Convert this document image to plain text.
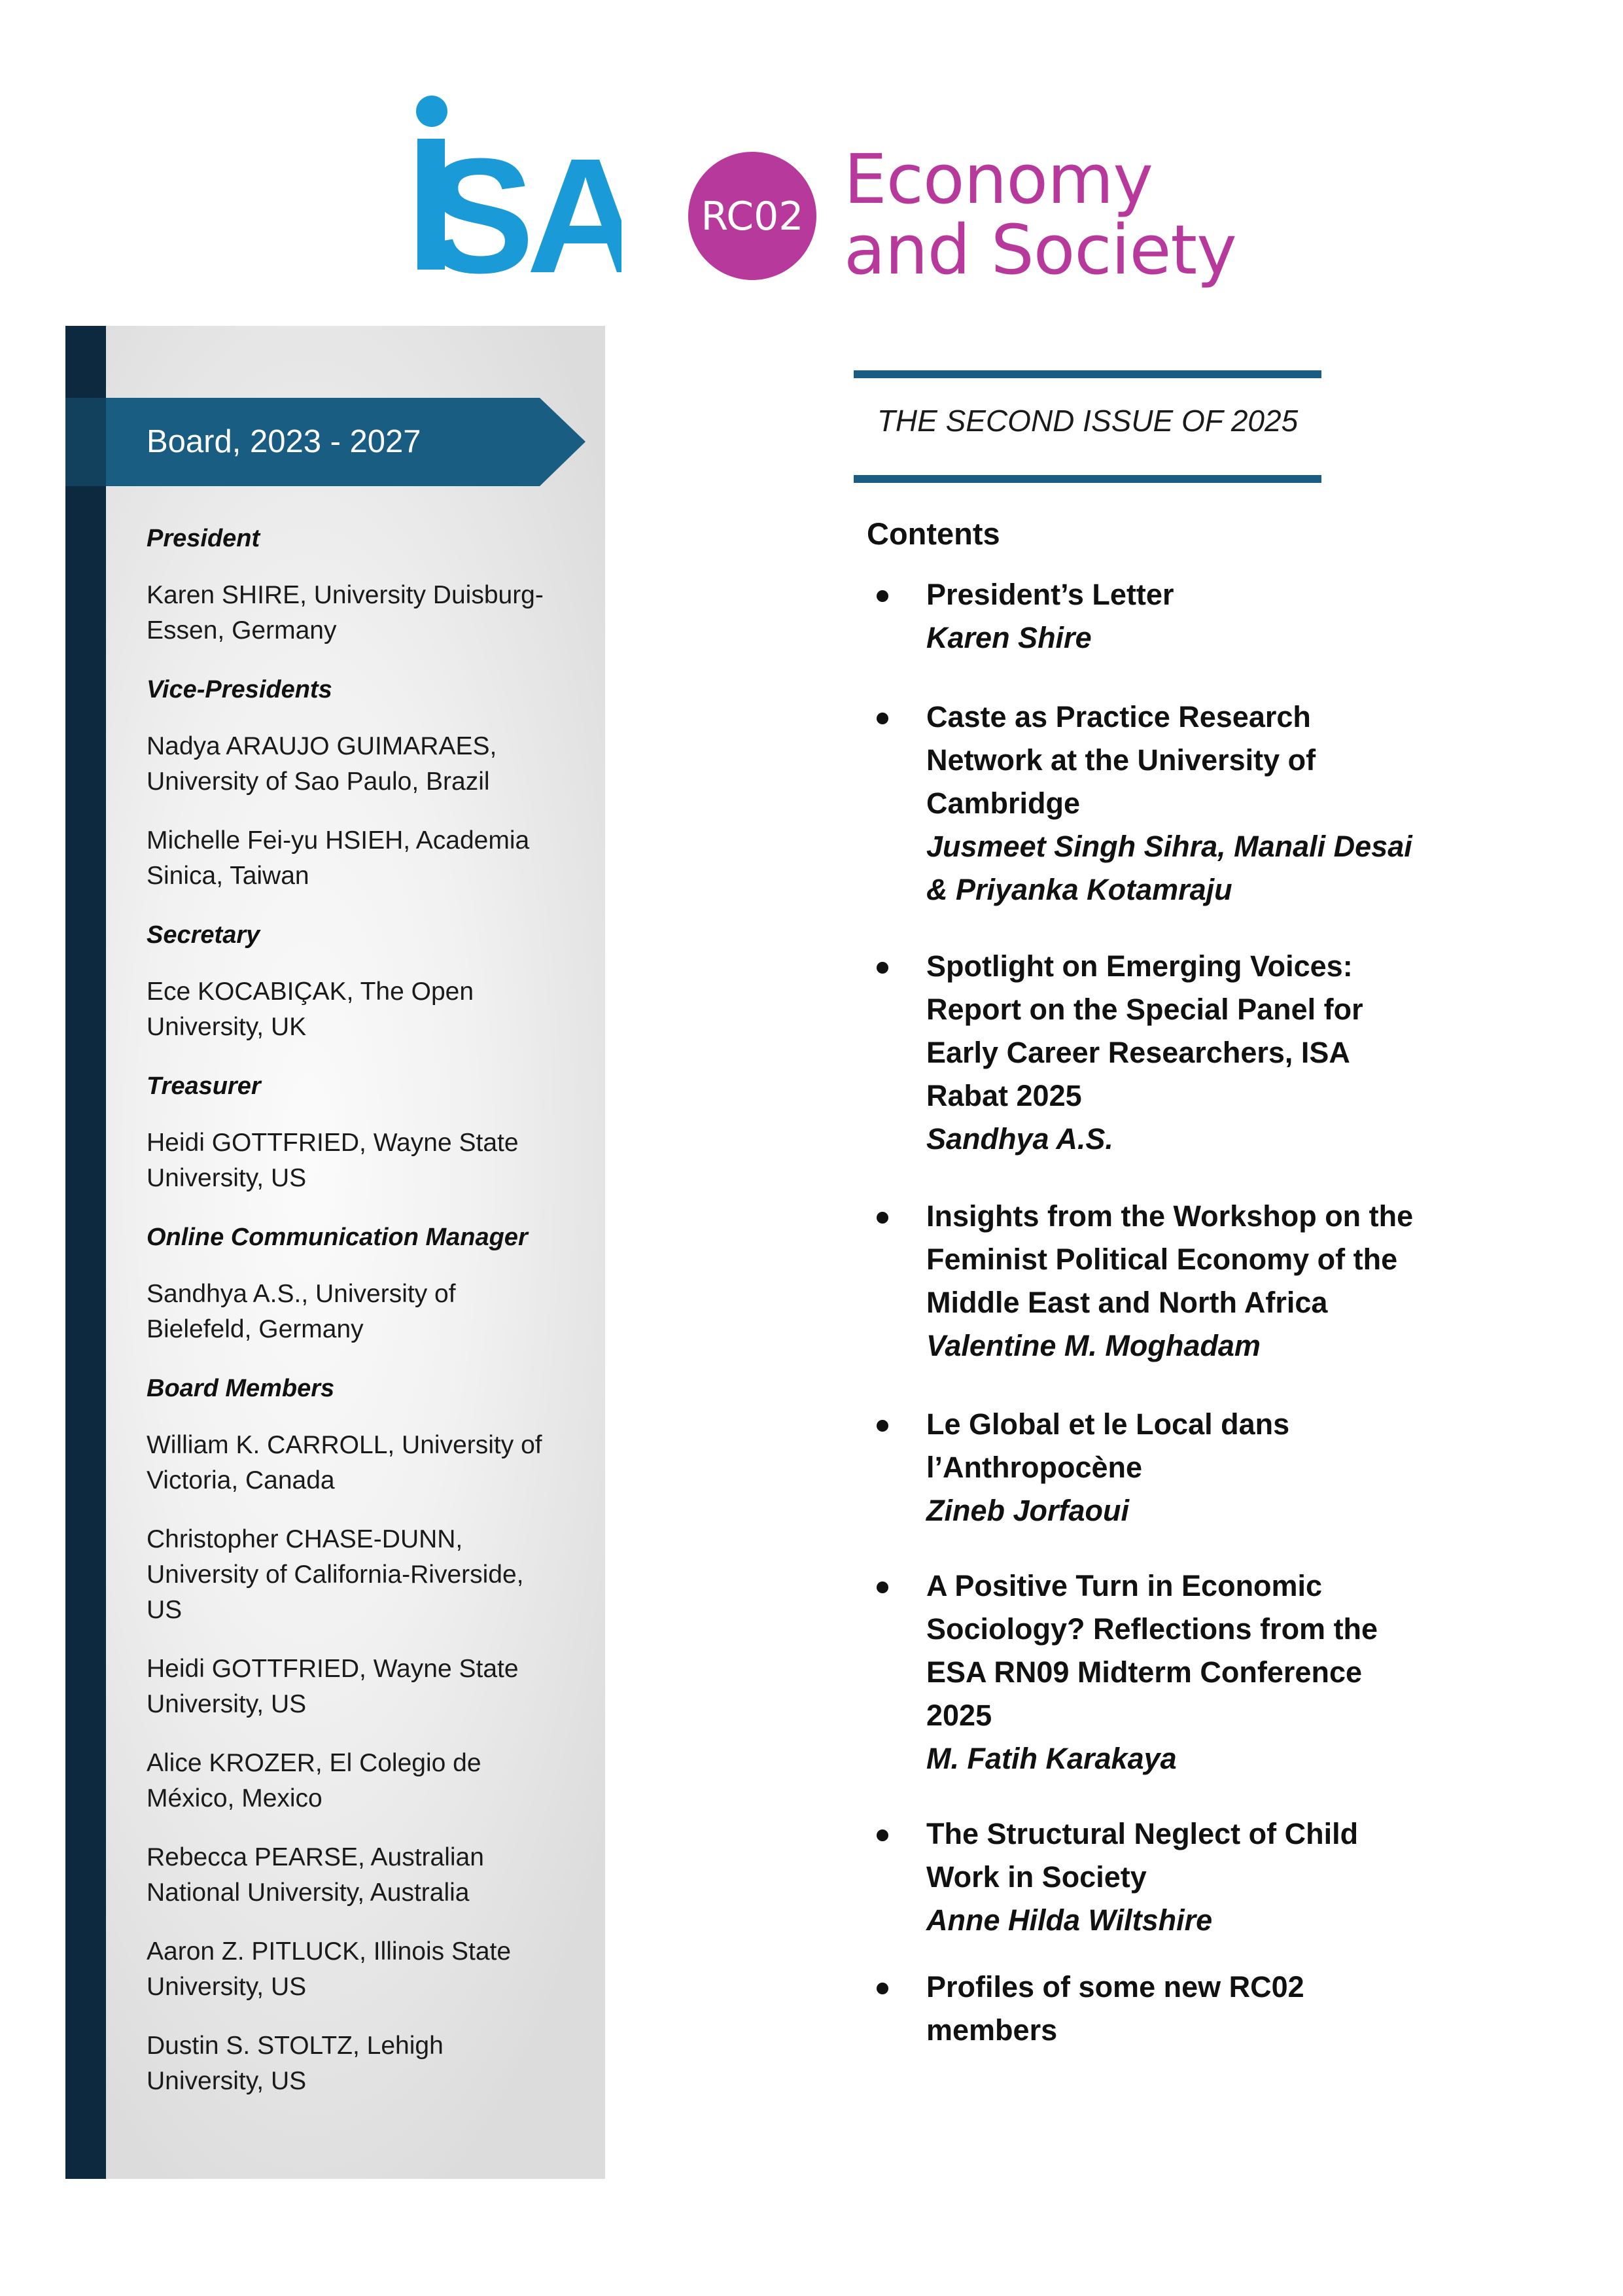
SA
iSA
RC02 Economy
and Society
Board, 2023 - 2027
President
Karen SHIRE, University Duisburg-Essen, Germany
Vice-Presidents
Nadya ARAUJO GUIMARAES, University of Sao Paulo, Brazil
Michelle Fei-yu HSIEH, Academia Sinica, Taiwan
Secretary
Ece KOCABIÇAK, The Open University, UK
Treasurer
Heidi GOTTFRIED, Wayne State University, US
Online Communication Manager
Sandhya A.S., University of Bielefeld, Germany
Board Members
William K. CARROLL, University of Victoria, Canada
Christopher CHASE-DUNN, University of California-Riverside, US
Heidi GOTTFRIED, Wayne State University, US
Alice KROZER, El Colegio de México, Mexico
Rebecca PEARSE, Australian National University, Australia
Aaron Z. PITLUCK, Illinois State University, US
Dustin S. STOLTZ, Lehigh University, US
THE SECOND ISSUE OF 2025
Contents
President’s Letter
Karen Shire
Caste as Practice Research
Network at the University of
Cambridge
Jusmeet Singh Sihra, Manali Desai
& Priyanka Kotamraju
Spotlight on Emerging Voices:
Report on the Special Panel for
Early Career Researchers, ISA
Rabat 2025
Sandhya A.S.
Insights from the Workshop on the
Feminist Political Economy of the
Middle East and North Africa
Valentine M. Moghadam
Le Global et le Local dans
l’Anthropocène
Zineb Jorfaoui
A Positive Turn in Economic
Sociology? Reflections from the
ESA RN09 Midterm Conference
2025
M. Fatih Karakaya
The Structural Neglect of Child
Work in Society
Anne Hilda Wiltshire
Profiles of some new RC02
members
